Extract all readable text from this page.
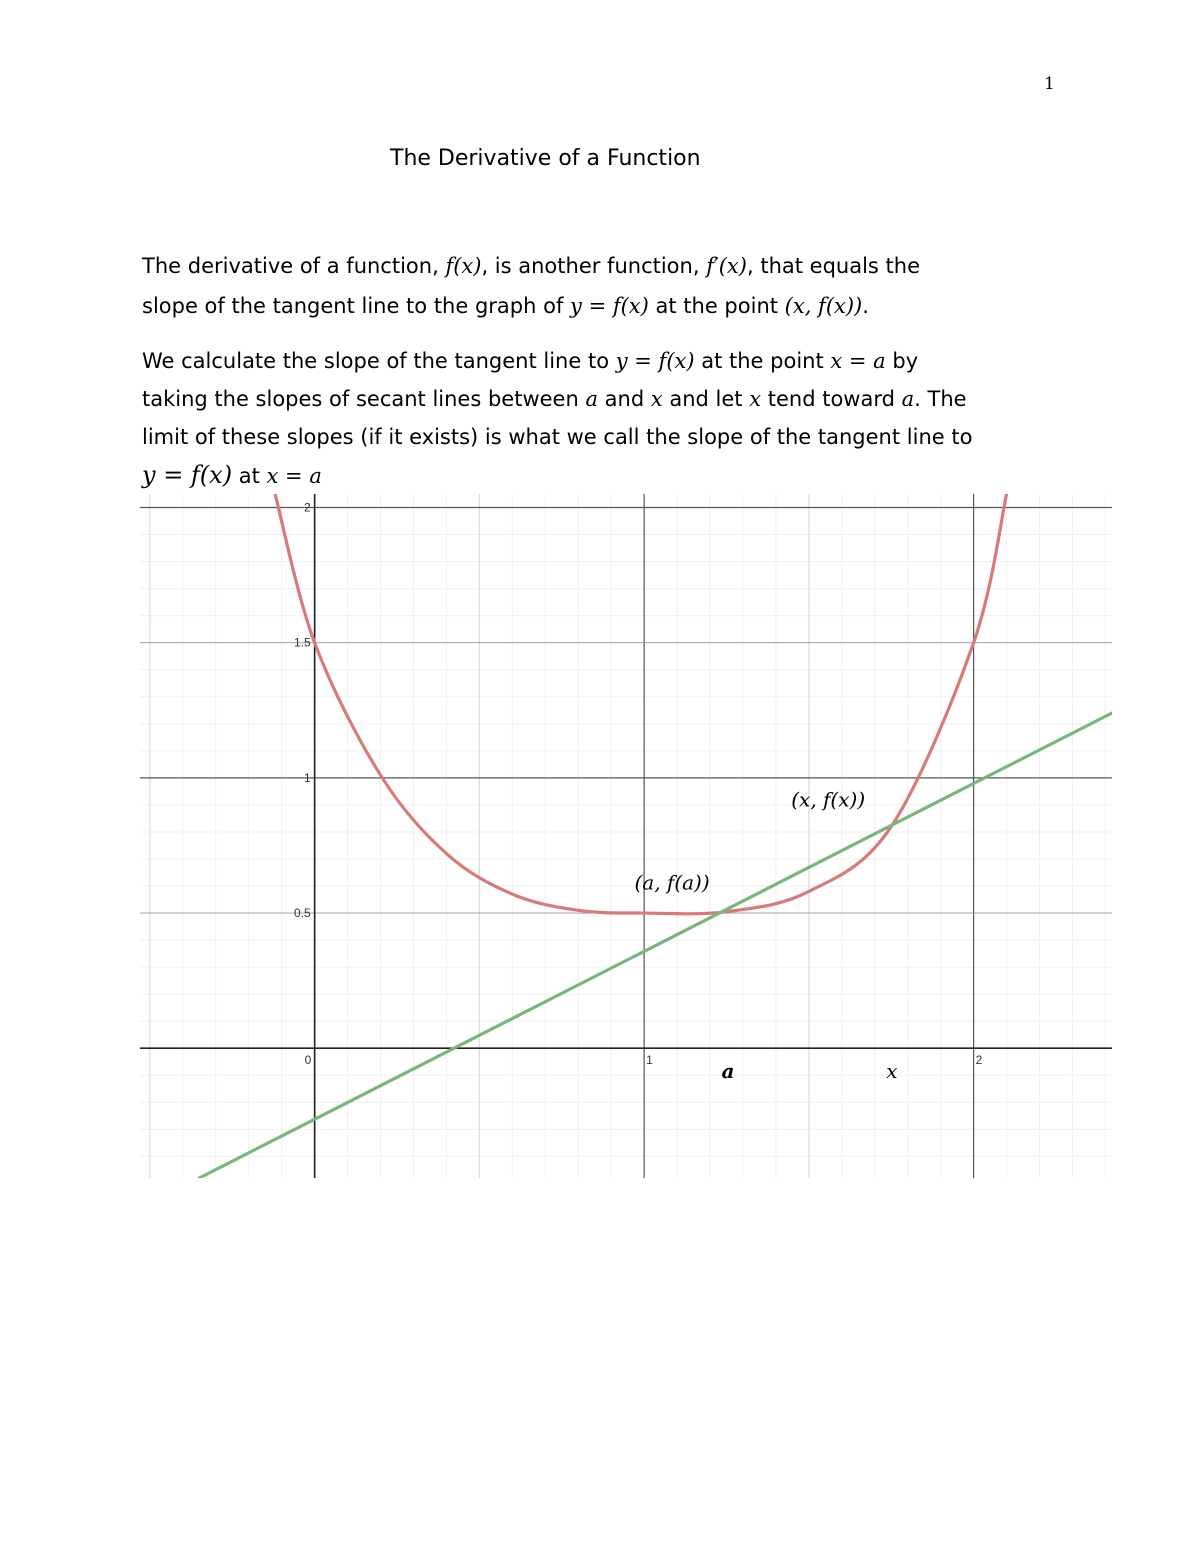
1
The Derivative of a Function
The derivative of a function, f(x), is another function, f′(x), that equals the
slope of the tangent line to the graph of y = f(x) at the point (x, f(x)).
We calculate the slope of the tangent line to y = f(x) at the point x = a by
taking the slopes of secant lines between a and x and let x tend toward a. The
limit of these slopes (if it exists) is what we call the slope of the tangent line to
y = f(x) at x = a
0	1	2
0.5
1
1.5
2
(a, f(a))
(x, f(x))
a	x
